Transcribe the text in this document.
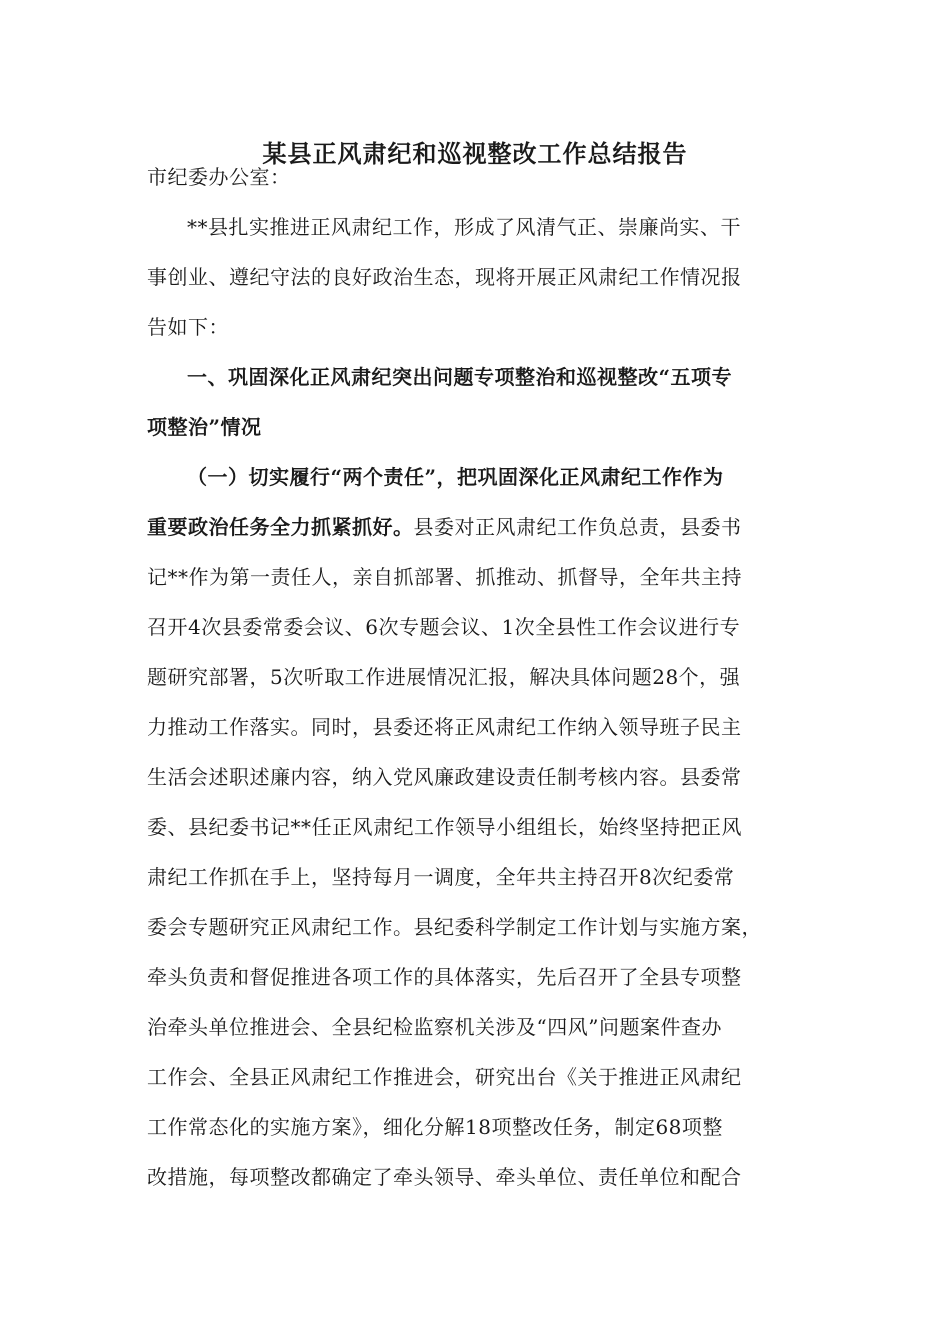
某县正风肃纪和巡视整改工作总结报告
市纪委办公室：
**县扎实推进正风肃纪工作，形成了风清气正、崇廉尚实、干
事创业、遵纪守法的良好政治生态，现将开展正风肃纪工作情况报
告如下：
一、巩固深化正风肃纪突出问题专项整治和巡视整改“五项专
项整治”情况
（一）切实履行“两个责任”，把巩固深化正风肃纪工作作为
重要政治任务全力抓紧抓好。县委对正风肃纪工作负总责，县委书
记**作为第一责任人，亲自抓部署、抓推动、抓督导，全年共主持
召开4次县委常委会议、6次专题会议、1次全县性工作会议进行专
题研究部署，5次听取工作进展情况汇报，解决具体问题28个，强
力推动工作落实。同时，县委还将正风肃纪工作纳入领导班子民主
生活会述职述廉内容，纳入党风廉政建设责任制考核内容。县委常
委、县纪委书记**任正风肃纪工作领导小组组长，始终坚持把正风
肃纪工作抓在手上，坚持每月一调度，全年共主持召开8次纪委常
委会专题研究正风肃纪工作。县纪委科学制定工作计划与实施方案，
牵头负责和督促推进各项工作的具体落实，先后召开了全县专项整
治牵头单位推进会、全县纪检监察机关涉及“四风”问题案件查办
工作会、全县正风肃纪工作推进会，研究出台《关于推进正风肃纪
工作常态化的实施方案》，细化分解18项整改任务，制定68项整
改措施，每项整改都确定了牵头领导、牵头单位、责任单位和配合
